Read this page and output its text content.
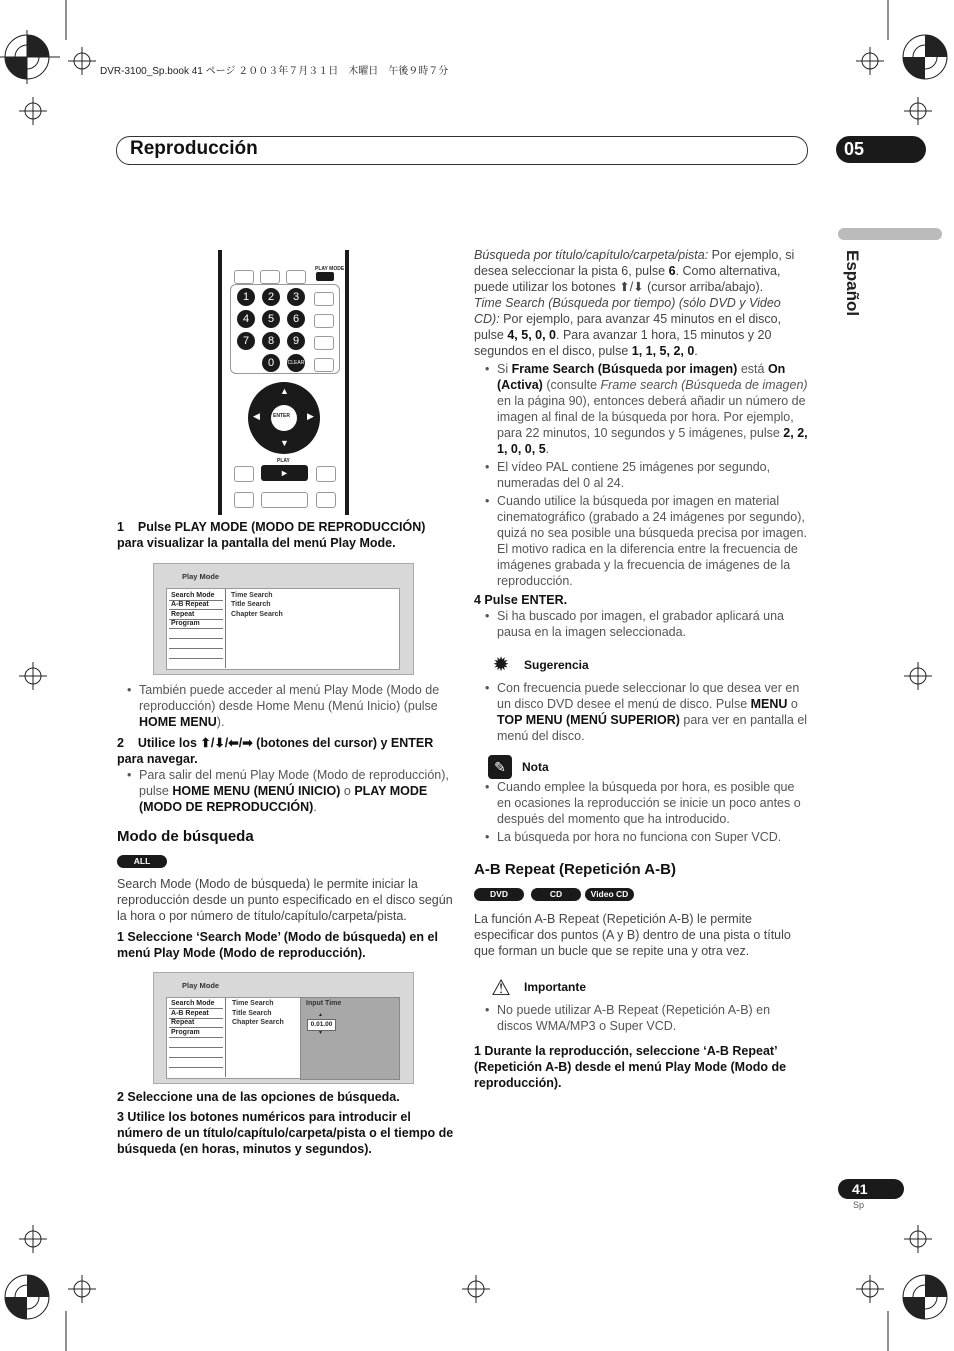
DVR-3100_Sp.book 41 ページ ２００３年７月３１日　木曜日　午後９時７分
Reproducción	05
Español
PLAY MODE
1	2	3
4	5	6
7	8	9
0	CLEAR
ENTER
▲
▼
◀	▶
PLAY
►
1 Pulse PLAY MODE (MODO DE REPRODUCCIÓN) para visualizar la pantalla del menú Play Mode.
Play Mode
Search Mode
A-B Repeat
Repeat
Program
Time Search
Title Search
Chapter Search
• También puede acceder al menú Play Mode (Modo de reproducción) desde Home Menu (Menú Inicio) (pulse HOME MENU).
2 Utilice los ⬆/⬇/⬅/➡ (botones del cursor) y ENTER para navegar.
• Para salir del menú Play Mode (Modo de reproducción), pulse HOME MENU (MENÚ INICIO) o PLAY MODE (MODO DE REPRODUCCIÓN).
Modo de búsqueda
ALL
Search Mode (Modo de búsqueda) le permite iniciar la reproducción desde un punto especificado en el disco según la hora o por número de título/capítulo/carpeta/pista.
1 Seleccione ‘Search Mode’ (Modo de búsqueda) en el menú Play Mode (Modo de reproducción).
Play Mode
Search Mode
A-B Repeat
Repeat
Program
Time Search
Title Search
Chapter Search
Input Time
0.01.00
▲
▼
2 Seleccione una de las opciones de búsqueda.
3 Utilice los botones numéricos para introducir el número de un título/capítulo/carpeta/pista o el tiempo de búsqueda (en horas, minutos y segundos).
Búsqueda por título/capítulo/carpeta/pista: Por ejemplo, si desea seleccionar la pista 6, pulse 6. Como alternativa, puede utilizar los botones ⬆/⬇ (cursor arriba/abajo).
Time Search (Búsqueda por tiempo) (sólo DVD y Video CD): Por ejemplo, para avanzar 45 minutos en el disco, pulse 4, 5, 0, 0. Para avanzar 1 hora, 15 minutos y 20 segundos en el disco, pulse 1, 1, 5, 2, 0.
• Si Frame Search (Búsqueda por imagen) está On (Activa) (consulte Frame search (Búsqueda de imagen) en la página 90), entonces deberá añadir un número de imagen al final de la búsqueda por hora. Por ejemplo, para 22 minutos, 10 segundos y 5 imágenes, pulse 2, 2, 1, 0, 0, 5.
• El vídeo PAL contiene 25 imágenes por segundo, numeradas del 0 al 24.
• Cuando utilice la búsqueda por imagen en material cinematográfico (grabado a 24 imágenes por segundo), quizá no sea posible una búsqueda precisa por imagen. El motivo radica en la diferencia entre la frecuencia de imágenes grabada y la frecuencia de imágenes de la reproducción.
4 Pulse ENTER.
• Si ha buscado por imagen, el grabador aplicará una pausa en la imagen seleccionada.
✹	Sugerencia
• Con frecuencia puede seleccionar lo que desea ver en un disco DVD desee el menú de disco. Pulse MENU o TOP MENU (MENÚ SUPERIOR) para ver en pantalla el menú del disco.
✎	Nota
• Cuando emplee la búsqueda por hora, es posible que en ocasiones la reproducción se inicie un poco antes o después del momento que ha introducido.
• La búsqueda por hora no funciona con Super VCD.
A-B Repeat (Repetición A-B)
DVD	CD	Video CD
La función A-B Repeat (Repetición A-B) le permite especificar dos puntos (A y B) dentro de una pista o título que forman un bucle que se repite una y otra vez.
⚠ Importante
• No puede utilizar A-B Repeat (Repetición A-B) en discos WMA/MP3 o Super VCD.
1 Durante la reproducción, seleccione ‘A-B Repeat’ (Repetición A-B) desde el menú Play Mode (Modo de reproducción).
41
Sp
